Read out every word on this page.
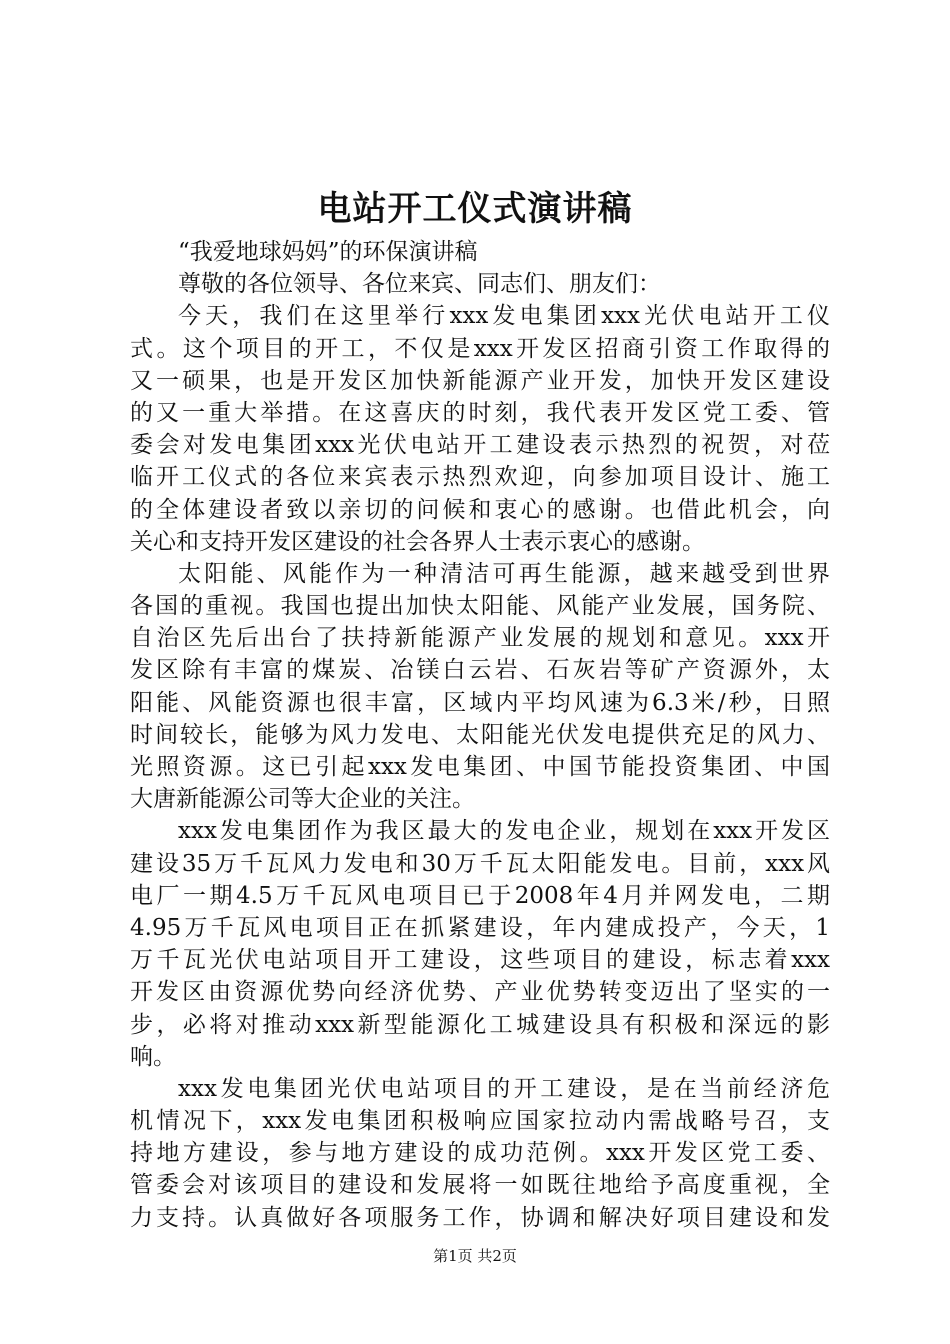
电站开工仪式演讲稿
“我爱地球妈妈”的环保演讲稿
尊敬的各位领导、各位来宾、同志们、朋友们：
今天，我们在这里举行xxx发电集团xxx光伏电站开工仪
式。这个项目的开工，不仅是xxx开发区招商引资工作取得的
又一硕果，也是开发区加快新能源产业开发，加快开发区建设
的又一重大举措。在这喜庆的时刻，我代表开发区党工委、管
委会对发电集团xxx光伏电站开工建设表示热烈的祝贺，对莅
临开工仪式的各位来宾表示热烈欢迎，向参加项目设计、施工
的全体建设者致以亲切的问候和衷心的感谢。也借此机会，向
关心和支持开发区建设的社会各界人士表示衷心的感谢。
太阳能、风能作为一种清洁可再生能源，越来越受到世界
各国的重视。我国也提出加快太阳能、风能产业发展，国务院、
自治区先后出台了扶持新能源产业发展的规划和意见。xxx开
发区除有丰富的煤炭、冶镁白云岩、石灰岩等矿产资源外，太
阳能、风能资源也很丰富，区域内平均风速为6.3米/秒，日照
时间较长，能够为风力发电、太阳能光伏发电提供充足的风力、
光照资源。这已引起xxx发电集团、中国节能投资集团、中国
大唐新能源公司等大企业的关注。
xxx发电集团作为我区最大的发电企业，规划在xxx开发区
建设35万千瓦风力发电和30万千瓦太阳能发电。目前，xxx风
电厂一期4.5万千瓦风电项目已于2008年4月并网发电，二期
4.95万千瓦风电项目正在抓紧建设，年内建成投产，今天，1
万千瓦光伏电站项目开工建设，这些项目的建设，标志着xxx
开发区由资源优势向经济优势、产业优势转变迈出了坚实的一
步，必将对推动xxx新型能源化工城建设具有积极和深远的影
响。
xxx发电集团光伏电站项目的开工建设，是在当前经济危
机情况下，xxx发电集团积极响应国家拉动内需战略号召，支
持地方建设，参与地方建设的成功范例。xxx开发区党工委、
管委会对该项目的建设和发展将一如既往地给予高度重视，全
力支持。认真做好各项服务工作，协调和解决好项目建设和发
第1页 共2页
